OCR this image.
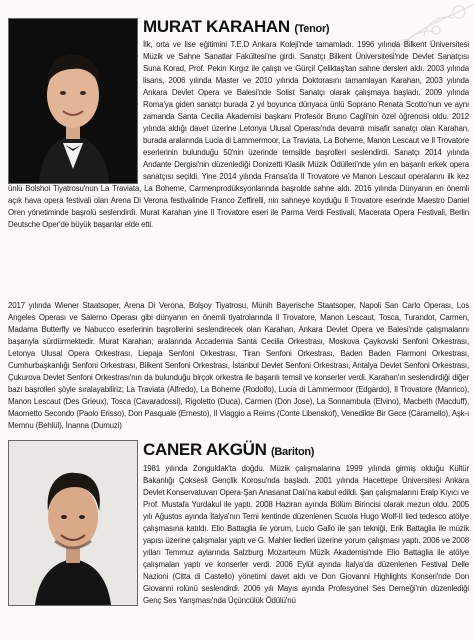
MURAT KARAHAN (Tenor)

İlk, orta ve lise eğitimini T.E.D Ankara Koleji'nde tamamladı. 1996 yılında Bilkent Üniversitesi Müzik ve Sahne Sanatlar Fakültesi'ne girdi. Sanatçı Bilkent Üniversitesi'nde Devlet Sanatçısı Suna Korad, Prof. Pekin Kırgız ile çalıştı ve Gürçil Çeliktaş'tan sahne dersleri aldı. 2003 yılında lisans, 2006 yılında Master ve 2010 yılında Doktorasını tamamlayan Karahan, 2003 yılında Ankara Devlet Opera ve Balesi'nde Solist Sanatçı olarak çalışmaya başladı. 2009 yılında Roma'ya giden sanatçı burada 2 yıl boyunca dünyaca ünlü Soprano Renata Scotto'nun ve aynı zamanda Santa Cecilia Akademisi başkanı Profesör Bruno Cagli'nin özel öğrencisi oldu. 2012 yılında aldığı davet üzerine Letonya Ulusal Operası'nda devamlı misafir sanatçı olan Karahan, burada aralarında Lucia di Lammermoor, La Traviata, La Boheme, Manon Lescaut ve Il Trovatore eserlerinin bulunduğu 50'nin üzerinde temsilde başrolleri seslendirdi. Sanatçı 2014 yılında Andante Dergisi'nin düzenlediği Donizetti Klasik Müzik Ödülleri'nde yılın en başarılı erkek opera sanatçısı seçildi. Yine 2014 yılında Fransa'da Il Trovatore ve Manon Lescaut operalarını ilk kez

ünlü Bolshoi Tiyatrosu'nun La Traviata, La Boheme, Carmenprodüksyonlarında başrolde sahne aldı. 2016 yılında Dünyanın en önemli açık hava opera festivali olan Arena Di Verona festivalinde Franco Zeffirelli, nin sahneye koyduğu Il Trovatore eserinde Maestro Daniel Oren yönetiminde başrolü seslendirdi. Murat Karahan yine Il Trovatore eseri ile Parma Verdi Festivali, Macerata Opera Festivali, Berlin Deutsche Oper'de büyük başarılar elde etti.

2017 yılında Wiener Staatsoper, Arena Di Verona, Bolşoy Tiyatrosu, Münih Bayerische Staatsoper, Napoli San Carlo Operası, Los Angeles Operası ve Salerno Operası gibi dünyanın en önemli tiyatrolarında Il Trovatore, Manon Lescaut, Tosca, Turandot, Carmen, Madama Butterfly ve Nabucco eserlerinin başrollerini seslendirecek olan Karahan, Ankara Devlet Opera ve Balesi'nde çalışmalarını başarıyla sürdürmektedir. Murat Karahan; aralarında Accademia Santa Cecilia Orkestrası, Moskova Çaykovski Senfoni Orkestrası, Letonya Ulusal Opera Orkestrası, Liepaja Senfoni Orkestrası, Tiran Senfoni Orkestrası, Baden Baden Flarmoni Orkestrası, Cumhurbaşkanlığı Senfoni Orkestrası, Bilkent Senfoni Orkestrası, İstanbul Devlet Senfoni Orkestrası, Antalya Devlet Senfoni Orkestrası, Çukurova Devlet Senfoni Orkestrası'nın da bulunduğu birçok orkestra ile başarılı temsil ve konserler verdi. Karahan'ın seslendirdiği diğer bazı başrolleri şöyle sıralayabiliriz; La Traviata (Alfredo), La Boheme (Rodolfo), Lucia di Lammermoor (Edgardo), Il Trovatore (Manrico), Manon Lescaut (Des Grieux), Tosca (Cavaradossi), Rigoletto (Duca), Carmen (Don Jose), La Sonnambula (Elvino), Macbeth (Macduff), Maometto Secondo (Paolo Erisso), Don Pasquale (Ernesto), Il Viaggio a Reims (Conte Libenskof), Venedikte Bir Gece (Caramello), Aşk-ı Memnu (Behlül), İnanna (Dumuzi)

CANER AKGÜN (Bariton)

1981 yılında Zonguldak'ta doğdu. Müzik çalışmalarına 1999 yılında girmiş olduğu Kültür Bakanlığı Çoksesli Gençlik Korosu'nda başladı. 2001 yılında Hacettepe Üniversitesi Ankara Devlet Konservatuvarı Opera-Şan Anasanat Dalı'na kabul edildi. Şan çalışmalarını Eralp Kıyıcı ve Prof. Mustafa Yurdakul ile yaptı. 2008 Haziran ayında Bölüm Birincisi olarak mezun oldu. 2005 yılı Ağustos ayında İtalya'nın Terni kentinde düzenlenen Scuola Hugo Wolf-II lied tedesco atölye çalışmasına katıldı. Elio Battaglia ile yorum, Lucio Gallo ile şan tekniği, Erik Battaglia ile müzik yapısı üzerine çalışmalar yaptı ve G. Mahler liedleri üzerine yorum çalışması yaptı. 2006 ve 2008 yılları Temmuz aylarında Salzburg Mozarteum Müzik Akademisi'nde Elio Battaglia ile atölye çalışmaları yaptı ve konserler verdi. 2006 Eylül ayında İtalya'da düzenlenen Festival Delle Nazioni (Citta di Castello) yönetimi davet aldı ve Don Giovanni Highlights Konseri'nde Don Giovanni rolünü seslendirdi. 2006 yılı Mayıs ayında Profesyonel Ses Derneği'nin düzenlediği Genç Ses Yarışması'nda Üçüncülük Ödülü'nü
